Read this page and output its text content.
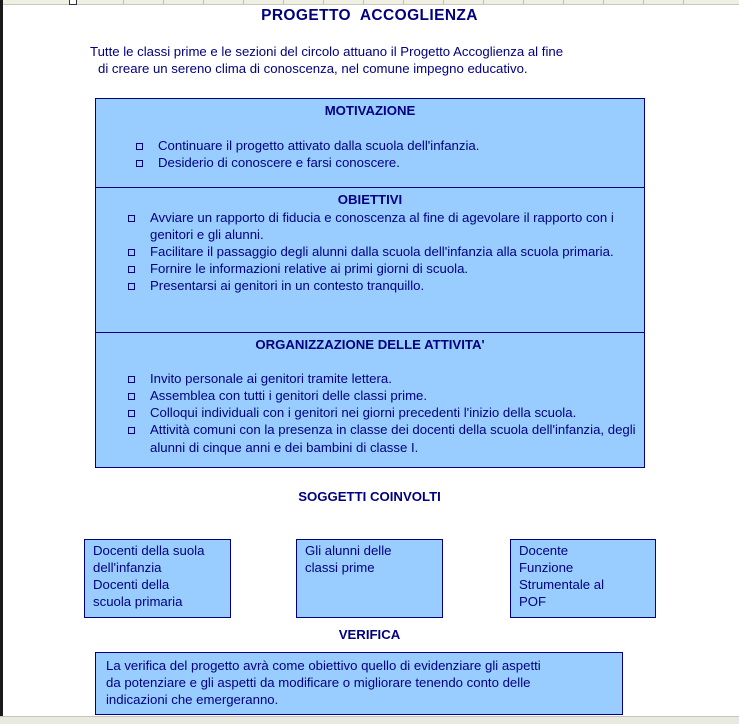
PROGETTO  ACCOGLIENZA
Tutte le classi prime e le sezioni del circolo attuano il Progetto Accoglienza al fine
di creare un sereno clima di conoscenza, nel comune impegno educativo.
MOTIVAZIONE
Continuare il progetto attivato dalla scuola dell'infanzia.
Desiderio di conoscere e farsi conoscere.
OBIETTIVI
Avviare un rapporto di fiducia e conoscenza al fine di agevolare il rapporto con i genitori e gli alunni.
Facilitare il passaggio degli alunni dalla scuola dell'infanzia alla scuola primaria.
Fornire le informazioni relative ai primi giorni di scuola.
Presentarsi ai genitori in un contesto tranquillo.
ORGANIZZAZIONE DELLE ATTIVITA'
Invito personale ai genitori tramite lettera.
Assemblea con tutti i genitori delle classi prime.
Colloqui individuali con i genitori nei giorni precedenti l'inizio della scuola.
Attività comuni con la presenza in classe dei docenti della scuola dell'infanzia, degli alunni di cinque anni e dei bambini di classe I.
SOGGETTI COINVOLTI
Docenti della suola
dell'infanzia
Docenti della
scuola primaria
Gli alunni delle
classi prime
Docente
Funzione
Strumentale al
POF
VERIFICA
La verifica del progetto avrà come obiettivo quello di evidenziare gli aspetti
da potenziare e gli aspetti da modificare o migliorare tenendo conto delle
indicazioni che emergeranno.
